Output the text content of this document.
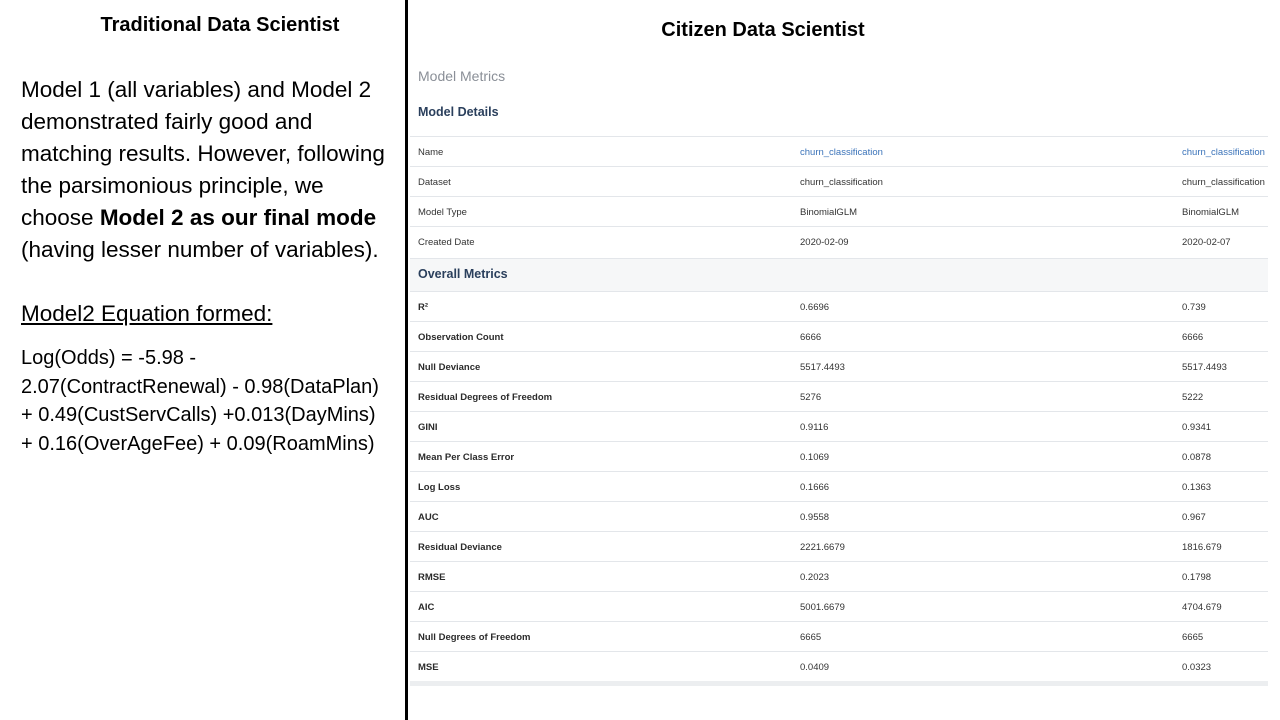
Traditional Data Scientist

Model 1 (all variables) and Model 2 demonstrated fairly good and matching results. However, following the parsimonious principle, we choose Model 2 as our final mode (having lesser number of variables).

Model2 Equation formed:

Log(Odds) = -5.98 - 2.07(ContractRenewal) - 0.98(DataPlan) + 0.49(CustServCalls) +0.013(DayMins) + 0.16(OverAgeFee) + 0.09(RoamMins)

Citizen Data Scientist
Model Metrics
Model Details
Name	churn_classification	churn_classification
Dataset	churn_classification	churn_classification
Model Type	BinomialGLM	BinomialGLM
Created Date	2020-02-09	2020-02-07
Overall Metrics
R²	0.6696	0.739
Observation Count	6666	6666
Null Deviance	5517.4493	5517.4493
Residual Degrees of Freedom	5276	5222
GINI	0.9116	0.9341
Mean Per Class Error	0.1069	0.0878
Log Loss	0.1666	0.1363
AUC	0.9558	0.967
Residual Deviance	2221.6679	1816.679
RMSE	0.2023	0.1798
AIC	5001.6679	4704.679
Null Degrees of Freedom	6665	6665
MSE	0.0409	0.0323
